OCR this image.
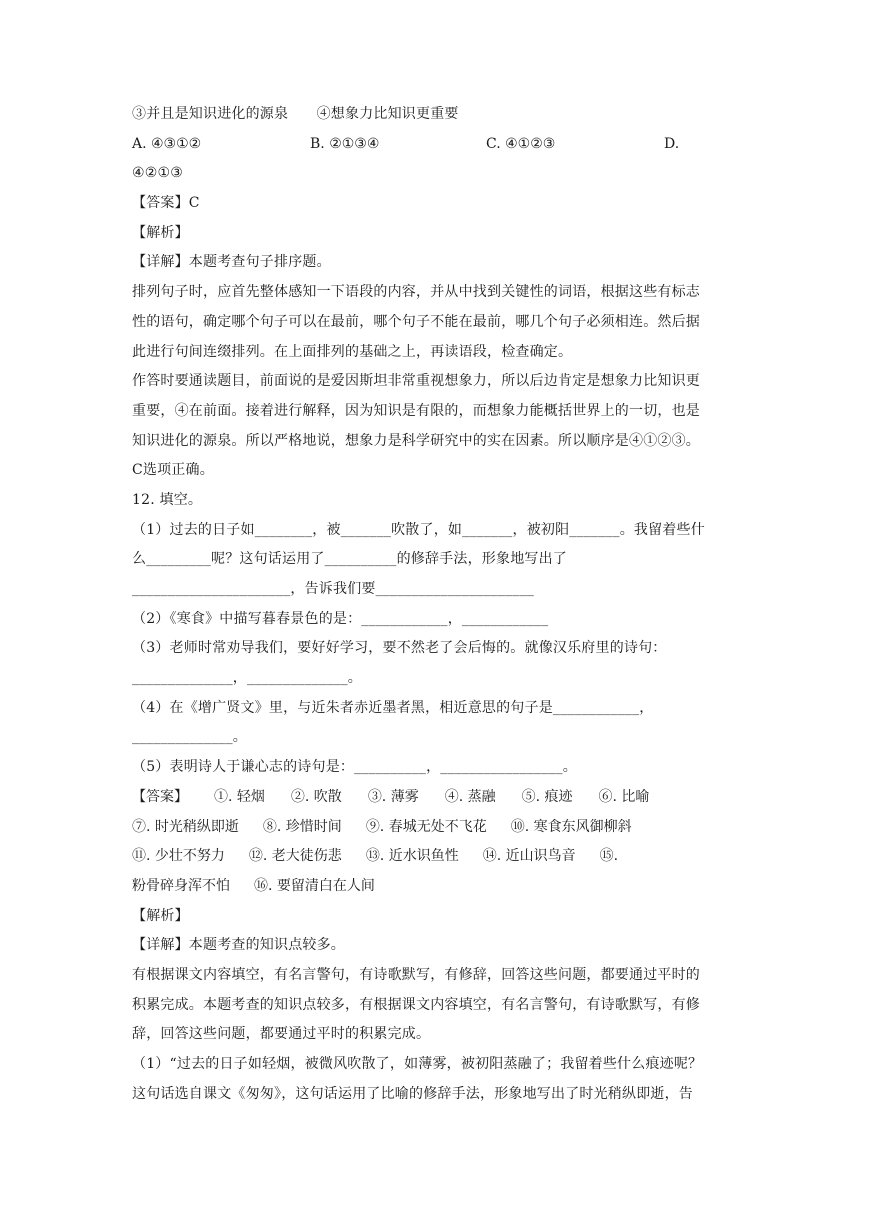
③并且是知识进化的源泉　　④想象力比知识更重要
A. ④③①②	B. ②①③④	C. ④①②③	D.
④②①③
【答案】C
【解析】
【详解】本题考查句子排序题。
排列句子时，应首先整体感知一下语段的内容，并从中找到关键性的词语，根据这些有标志
性的语句，确定哪个句子可以在最前，哪个句子不能在最前，哪几个句子必须相连。然后据
此进行句间连缀排列。在上面排列的基础之上，再读语段，检查确定。
作答时要通读题目，前面说的是爱因斯坦非常重视想象力，所以后边肯定是想象力比知识更
重要，④在前面。接着进行解释，因为知识是有限的，而想象力能概括世界上的一切，也是
知识进化的源泉。所以严格地说，想象力是科学研究中的实在因素。所以顺序是④①②③。
C选项正确。
12. 填空。
（1）过去的日子如________，被_______吹散了，如_______，被初阳_______。我留着些什
么_________呢？这句话运用了__________的修辞手法，形象地写出了
______________________，告诉我们要______________________
（2）《寒食》中描写暮春景色的是：____________，____________
（3）老师时常劝导我们，要好好学习，要不然老了会后悔的。就像汉乐府里的诗句：
______________，______________。
（4）在《增广贤文》里，与近朱者赤近墨者黑，相近意思的句子是____________，
______________。
（5）表明诗人于谦心志的诗句是：__________，_________________。
【答案】 ①. 轻烟 ②. 吹散 ③. 薄雾 ④. 蒸融 ⑤. 痕迹 ⑥. 比喻
⑦. 时光稍纵即逝 ⑧. 珍惜时间 ⑨. 春城无处不飞花 ⑩. 寒食东风御柳斜
⑪. 少壮不努力 ⑫. 老大徒伤悲 ⑬. 近水识鱼性 ⑭. 近山识鸟音 ⑮.
粉骨碎身浑不怕 ⑯. 要留清白在人间
【解析】
【详解】本题考查的知识点较多。
有根据课文内容填空，有名言警句，有诗歌默写，有修辞，回答这些问题，都要通过平时的
积累完成。本题考查的知识点较多，有根据课文内容填空，有名言警句，有诗歌默写，有修
辞，回答这些问题，都要通过平时的积累完成。
（1）“过去的日子如轻烟，被微风吹散了，如薄雾，被初阳蒸融了；我留着些什么痕迹呢？
这句话选自课文《匆匆》，这句话运用了比喻的修辞手法，形象地写出了时光稍纵即逝，告
